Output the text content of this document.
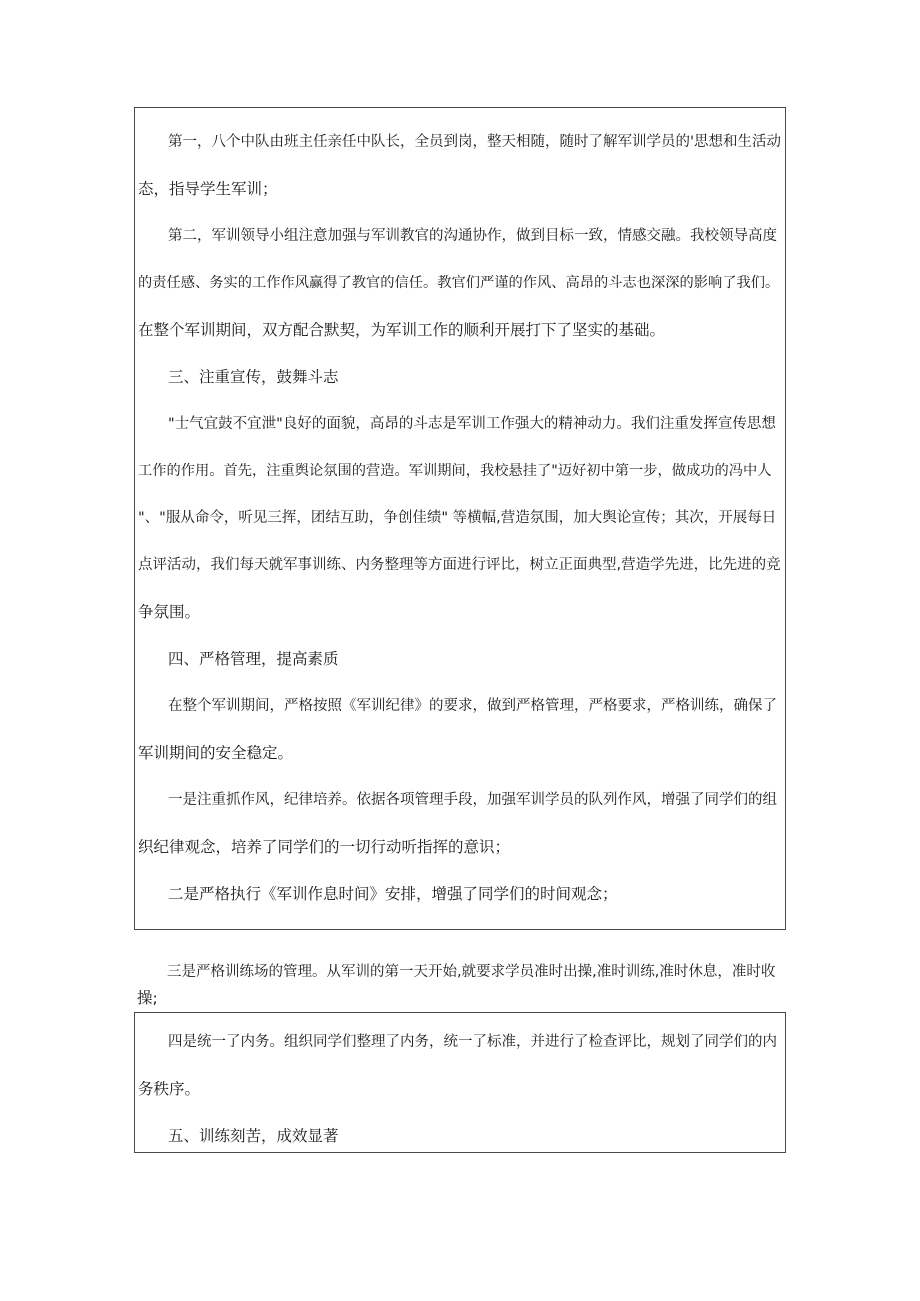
第一，八个中队由班主任亲任中队长，全员到岗，整天相随，随时了解军训学员的'思想和生活动
态，指导学生军训；
第二，军训领导小组注意加强与军训教官的沟通协作，做到目标一致，情感交融。我校领导高度
的责任感、务实的工作作风赢得了教官的信任。教官们严谨的作风、高昂的斗志也深深的影响了我们。
在整个军训期间，双方配合默契，为军训工作的顺利开展打下了坚实的基础。
三、注重宣传，鼓舞斗志
"士气宜鼓不宜泄"良好的面貌，高昂的斗志是军训工作强大的精神动力。我们注重发挥宣传思想
工作的作用。首先，注重舆论氛围的营造。军训期间，我校悬挂了"迈好初中第一步，做成功的冯中人
"、"服从命令，听见三挥，团结互助，争创佳绩" 等横幅,营造氛围，加大舆论宣传；其次，开展每日
点评活动，我们每天就军事训练、内务整理等方面进行评比，树立正面典型,营造学先进，比先进的竞
争氛围。
四、严格管理，提高素质
在整个军训期间，严格按照《军训纪律》的要求，做到严格管理，严格要求，严格训练，确保了
军训期间的安全稳定。
一是注重抓作风，纪律培养。依据各项管理手段，加强军训学员的队列作风，增强了同学们的组
织纪律观念，培养了同学们的一切行动听指挥的意识；
二是严格执行《军训作息时间》安排，增强了同学们的时间观念；
三是严格训练场的管理。从军训的第一天开始,就要求学员准时出操,准时训练,准时休息，准时收
操;
四是统一了内务。组织同学们整理了内务，统一了标准，并进行了检查评比，规划了同学们的内
务秩序。
五、训练刻苦，成效显著
